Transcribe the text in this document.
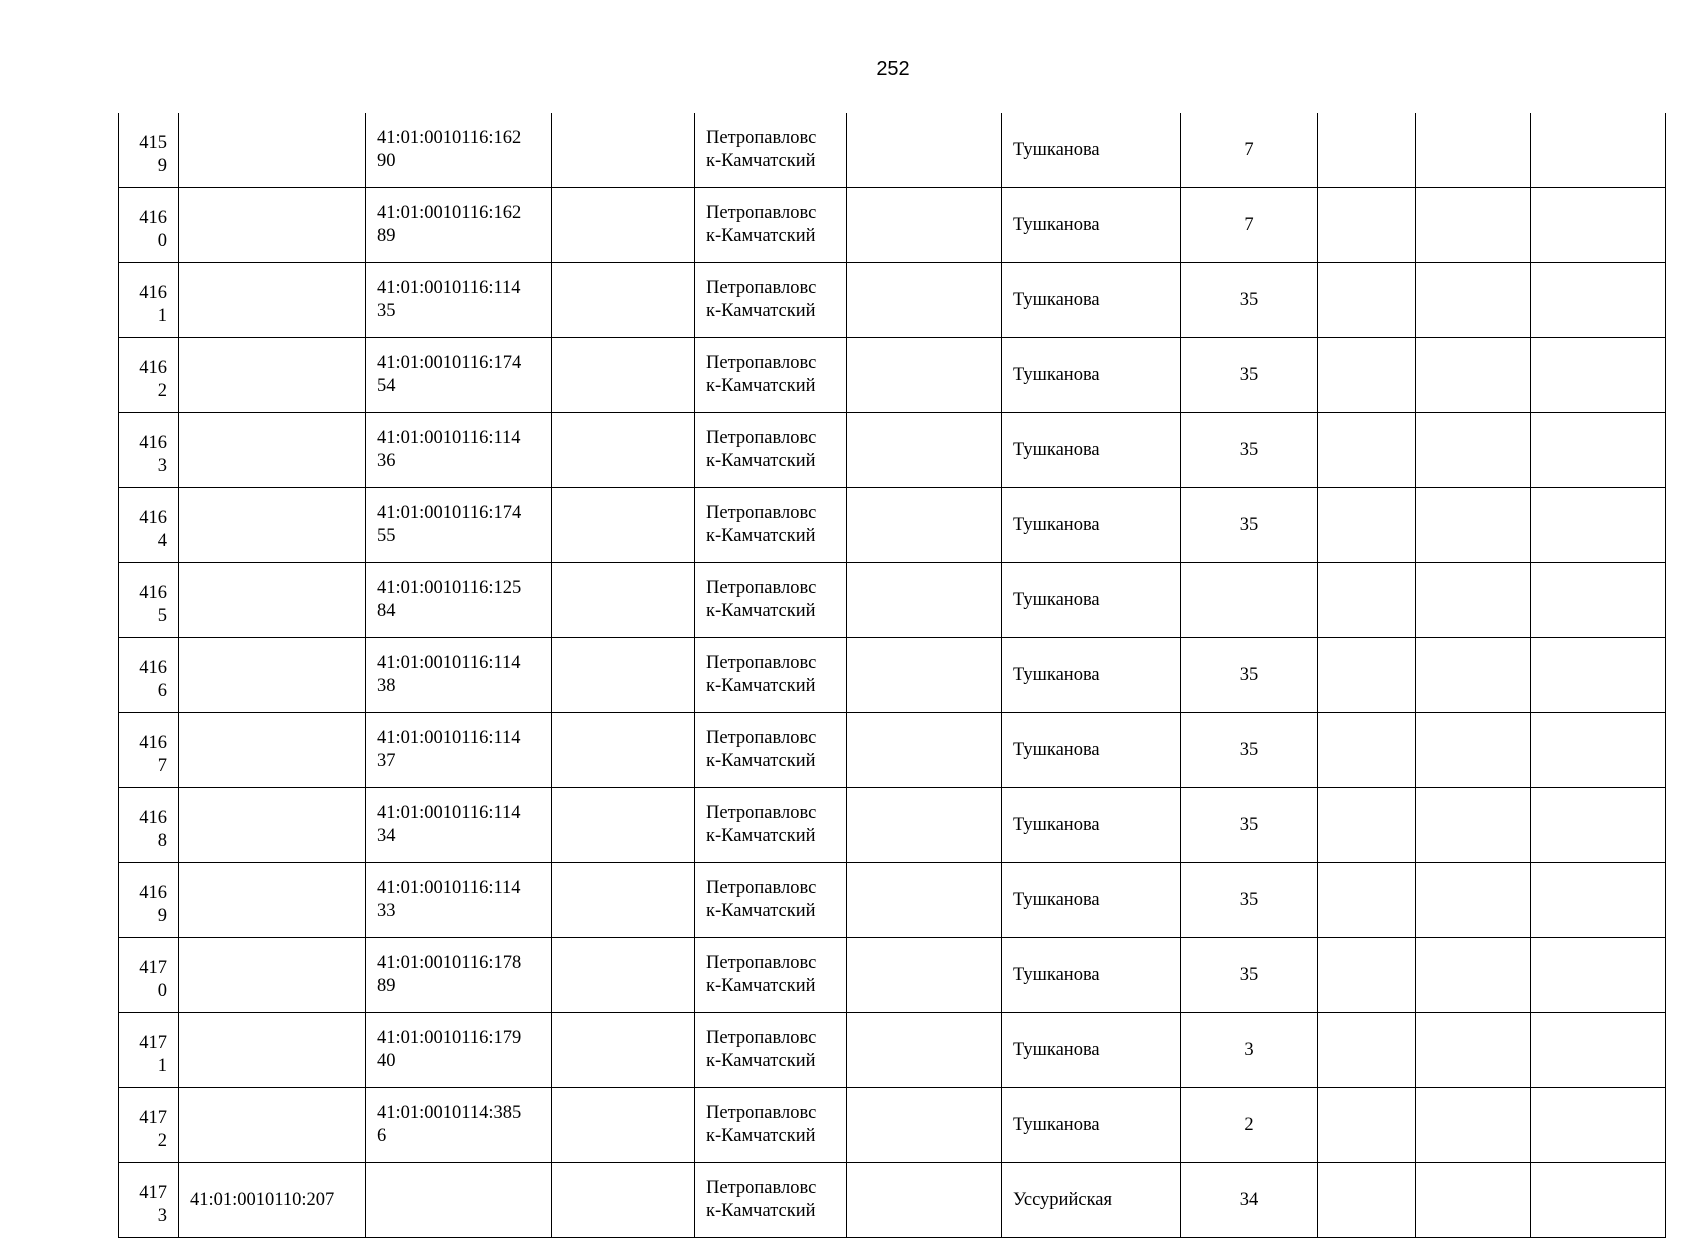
252
415
9		41:01:0010116:162
90		Петропавловс
к-Камчатский		Тушканова	7			

416
0		41:01:0010116:162
89		Петропавловс
к-Камчатский		Тушканова	7			

416
1		41:01:0010116:114
35		Петропавловс
к-Камчатский		Тушканова	35			

416
2		41:01:0010116:174
54		Петропавловс
к-Камчатский		Тушканова	35			

416
3		41:01:0010116:114
36		Петропавловс
к-Камчатский		Тушканова	35			

416
4		41:01:0010116:174
55		Петропавловс
к-Камчатский		Тушканова	35			

416
5		41:01:0010116:125
84		Петропавловс
к-Камчатский		Тушканова				

416
6		41:01:0010116:114
38		Петропавловс
к-Камчатский		Тушканова	35			

416
7		41:01:0010116:114
37		Петропавловс
к-Камчатский		Тушканова	35			

416
8		41:01:0010116:114
34		Петропавловс
к-Камчатский		Тушканова	35			

416
9		41:01:0010116:114
33		Петропавловс
к-Камчатский		Тушканова	35			

417
0		41:01:0010116:178
89		Петропавловс
к-Камчатский		Тушканова	35			

417
1		41:01:0010116:179
40		Петропавловс
к-Камчатский		Тушканова	3			

417
2		41:01:0010114:385
6		Петропавловс
к-Камчатский		Тушканова	2			

417
3	41:01:0010110:207			Петропавловс
к-Камчатский		Уссурийская	34			
